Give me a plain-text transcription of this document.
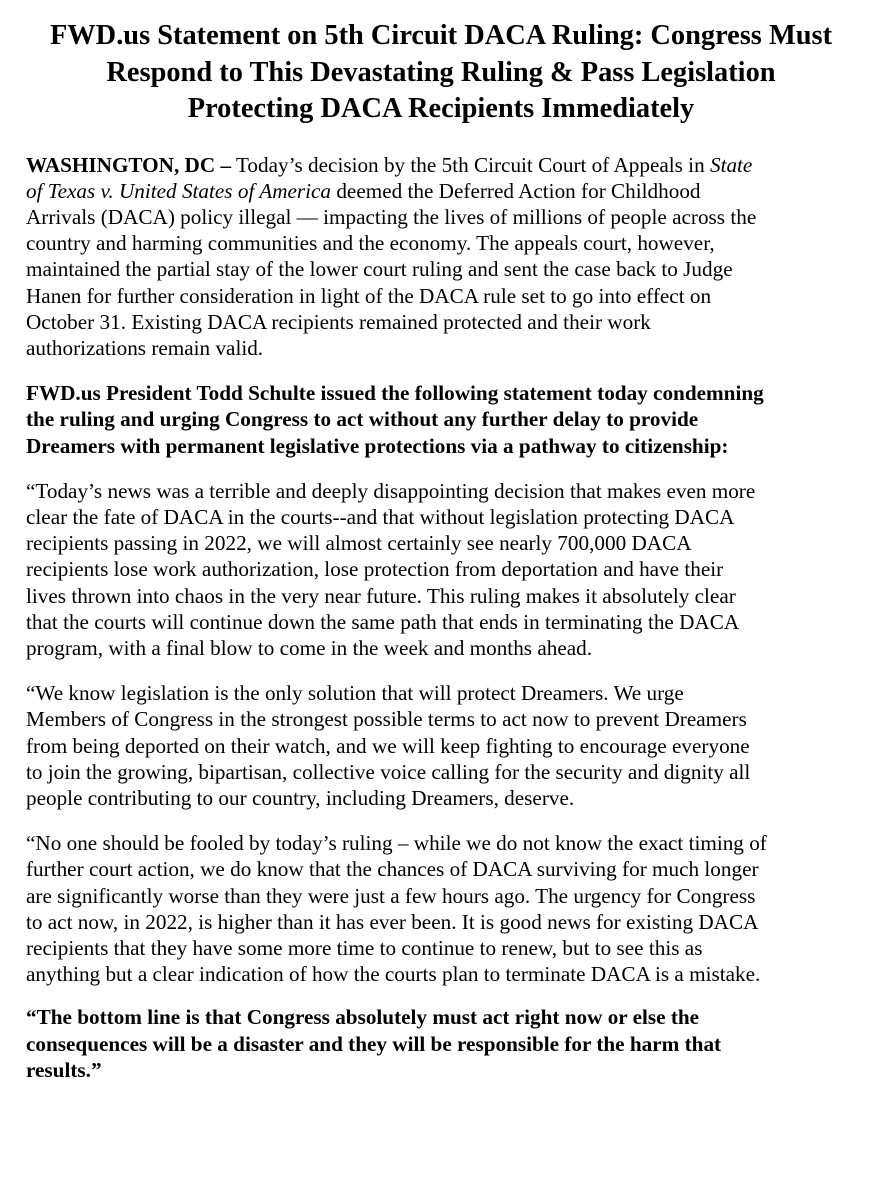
FWD.us Statement on 5th Circuit DACA Ruling: Congress Must
Respond to This Devastating Ruling & Pass Legislation
Protecting DACA Recipients Immediately

WASHINGTON, DC – Today’s decision by the 5th Circuit Court of Appeals in State
of Texas v. United States of America deemed the Deferred Action for Childhood
Arrivals (DACA) policy illegal — impacting the lives of millions of people across the
country and harming communities and the economy. The appeals court, however,
maintained the partial stay of the lower court ruling and sent the case back to Judge
Hanen for further consideration in light of the DACA rule set to go into effect on
October 31. Existing DACA recipients remained protected and their work
authorizations remain valid.

FWD.us President Todd Schulte issued the following statement today condemning
the ruling and urging Congress to act without any further delay to provide
Dreamers with permanent legislative protections via a pathway to citizenship:

“Today’s news was a terrible and deeply disappointing decision that makes even more
clear the fate of DACA in the courts--and that without legislation protecting DACA
recipients passing in 2022, we will almost certainly see nearly 700,000 DACA
recipients lose work authorization, lose protection from deportation and have their
lives thrown into chaos in the very near future. This ruling makes it absolutely clear
that the courts will continue down the same path that ends in terminating the DACA
program, with a final blow to come in the week and months ahead.

“We know legislation is the only solution that will protect Dreamers. We urge
Members of Congress in the strongest possible terms to act now to prevent Dreamers
from being deported on their watch, and we will keep fighting to encourage everyone
to join the growing, bipartisan, collective voice calling for the security and dignity all
people contributing to our country, including Dreamers, deserve.

“No one should be fooled by today’s ruling – while we do not know the exact timing of
further court action, we do know that the chances of DACA surviving for much longer
are significantly worse than they were just a few hours ago. The urgency for Congress
to act now, in 2022, is higher than it has ever been. It is good news for existing DACA
recipients that they have some more time to continue to renew, but to see this as
anything but a clear indication of how the courts plan to terminate DACA is a mistake.

“The bottom line is that Congress absolutely must act right now or else the
consequences will be a disaster and they will be responsible for the harm that
results.”
